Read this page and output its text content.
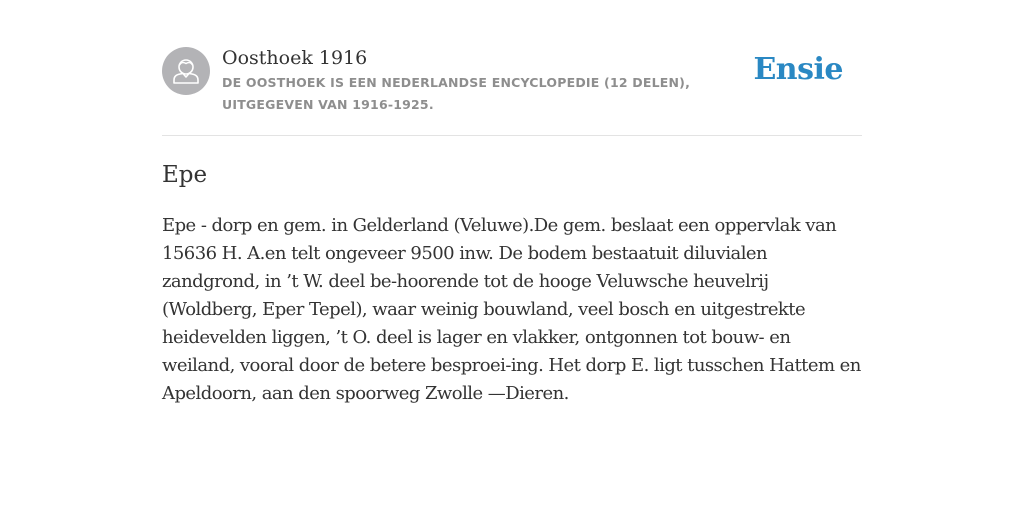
Oosthoek 1916
DE OOSTHOEK IS EEN NEDERLANDSE ENCYCLOPEDIE (12 DELEN), UITGEGEVEN VAN 1916-1925.
Ensie
Epe

Epe - dorp en gem. in Gelderland (Veluwe).De gem. beslaat een oppervlak van 15636 H. A.en telt ongeveer 9500 inw. De bodem bestaatuit diluvialen zandgrond, in ’t W. deel be-hoorende tot de hooge Veluwsche heuvelrij (Woldberg, Eper Tepel), waar weinig bouwland, veel bosch en uitgestrekte heidevelden liggen, ’t O. deel is lager en vlakker, ontgonnen tot bouw- en weiland, vooral door de betere besproei-ing. Het dorp E. ligt tusschen Hattem en Apeldoorn, aan den spoorweg Zwolle —Dieren.
